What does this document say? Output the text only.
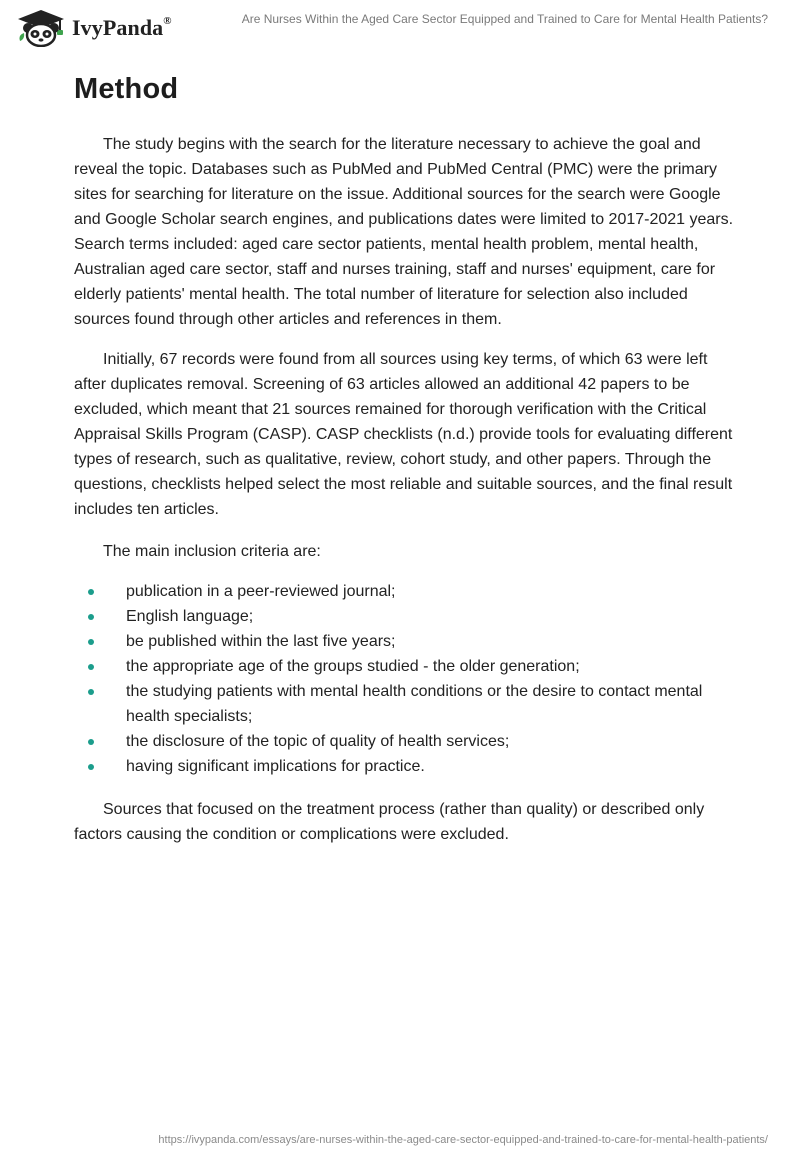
IvyPanda®	Are Nurses Within the Aged Care Sector Equipped and Trained to Care for Mental Health Patients?
Method

The study begins with the search for the literature necessary to achieve the goal and reveal the topic. Databases such as PubMed and PubMed Central (PMC) were the primary sites for searching for literature on the issue. Additional sources for the search were Google and Google Scholar search engines, and publications dates were limited to 2017-2021 years. Search terms included: aged care sector patients, mental health problem, mental health, Australian aged care sector, staff and nurses training, staff and nurses' equipment, care for elderly patients' mental health. The total number of literature for selection also included sources found through other articles and references in them.

Initially, 67 records were found from all sources using key terms, of which 63 were left after duplicates removal. Screening of 63 articles allowed an additional 42 papers to be excluded, which meant that 21 sources remained for thorough verification with the Critical Appraisal Skills Program (CASP). CASP checklists (n.d.) provide tools for evaluating different types of research, such as qualitative, review, cohort study, and other papers. Through the questions, checklists helped select the most reliable and suitable sources, and the final result includes ten articles.

The main inclusion criteria are:

publication in a peer-reviewed journal;
English language;
be published within the last five years;
the appropriate age of the groups studied - the older generation;
the studying patients with mental health conditions or the desire to contact mental health specialists;
the disclosure of the topic of quality of health services;
having significant implications for practice.

Sources that focused on the treatment process (rather than quality) or described only factors causing the condition or complications were excluded.

https://ivypanda.com/essays/are-nurses-within-the-aged-care-sector-equipped-and-trained-to-care-for-mental-health-patients/
